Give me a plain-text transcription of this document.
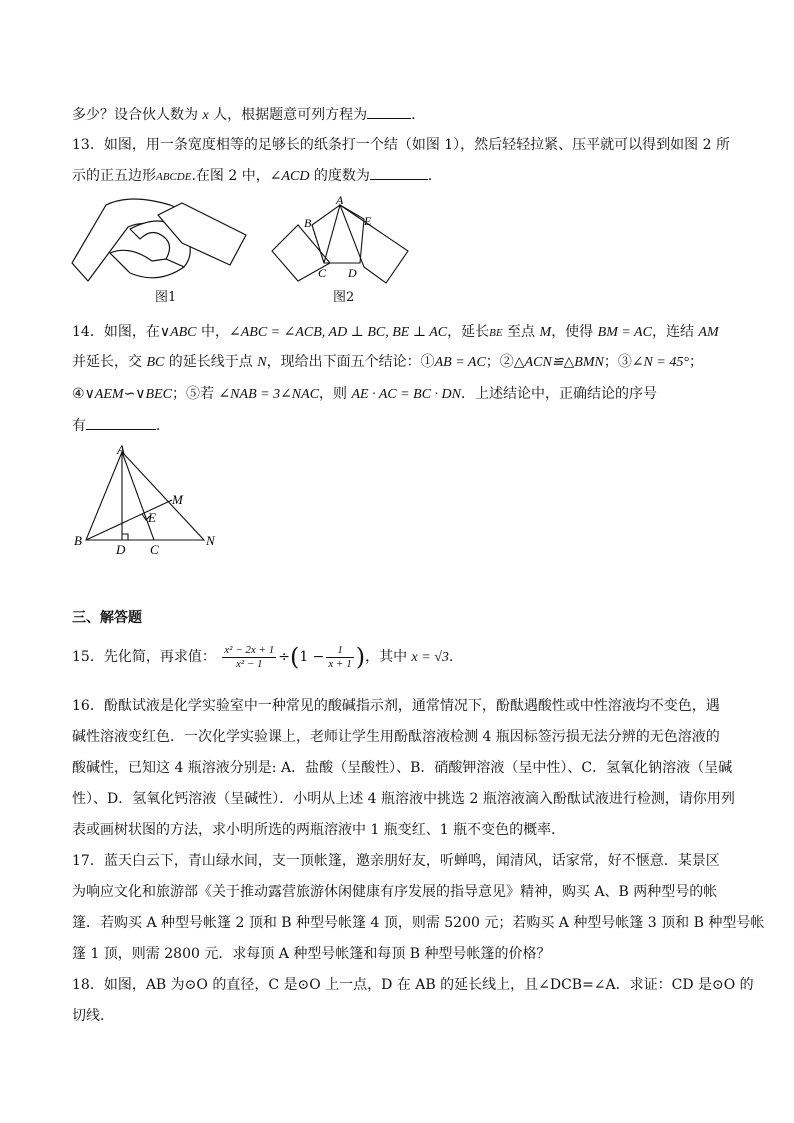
多少？设合伙人数为 x 人，根据题意可列方程为	.
13．如图，用一条宽度相等的足够长的纸条打一个结（如图 1），然后轻轻拉紧、压平就可以得到如图 2 所
示的正五边形ABCDE.在图 2 中，∠ACD 的度数为	．
图1
A
B
C D
E
图2
14．如图，在∨ABC 中，∠ABC = ∠ACB, AD ⊥ BC, BE ⊥ AC，延长BE 至点 M，使得 BM = AC，连结 AM
并延长，交 BC 的延长线于点 N，现给出下面五个结论：①AB = AC；②△ACN≌△BMN；③∠N = 45°；
④∨AEM∽∨BEC；⑤若 ∠NAB = 3∠NAC，则 AE · AC = BC · DN．上述结论中，正确结论的序号
有	．
A
B
D C
E
M
N
三、解答题
15．先化简，再求值： $\frac{\text{x² − 2x + 1}}{\text{x² − 1}} \div(1 - \frac{1}{x + 1}$ )，其中 x = √3.
16．酚酞试液是化学实验室中一种常见的酸碱指示剂，通常情况下，酚酞遇酸性或中性溶液均不变色，遇
碱性溶液变红色．一次化学实验课上，老师让学生用酚酞溶液检测 4 瓶因标签污损无法分辨的无色溶液的
酸碱性，已知这 4 瓶溶液分别是: A．盐酸（呈酸性）、B．硝酸钾溶液（呈中性）、C．氢氧化钠溶液（呈碱
性）、D．氢氧化钙溶液（呈碱性）．小明从上述 4 瓶溶液中挑选 2 瓶溶液滴入酚酞试液进行检测，请你用列
表或画树状图的方法，求小明所选的两瓶溶液中 1 瓶变红、1 瓶不变色的概率．
17．蓝天白云下，青山绿水间，支一顶帐篷，邀亲朋好友，听蝉鸣，闻清风，话家常，好不惬意．某景区
为响应文化和旅游部《关于推动露营旅游休闲健康有序发展的指导意见》精神，购买 A、B 两种型号的帐
篷．若购买 A 种型号帐篷 2 顶和 B 种型号帐篷 4 顶，则需 5200 元；若购买 A 种型号帐篷 3 顶和 B 种型号帐
篷 1 顶，则需 2800 元．求每顶 A 种型号帐篷和每顶 B 种型号帐篷的价格？
18．如图，AB 为⊙O 的直径，C 是⊙O 上一点，D 在 AB 的延长线上，且∠DCB=∠A．求证：CD 是⊙O 的
切线．
